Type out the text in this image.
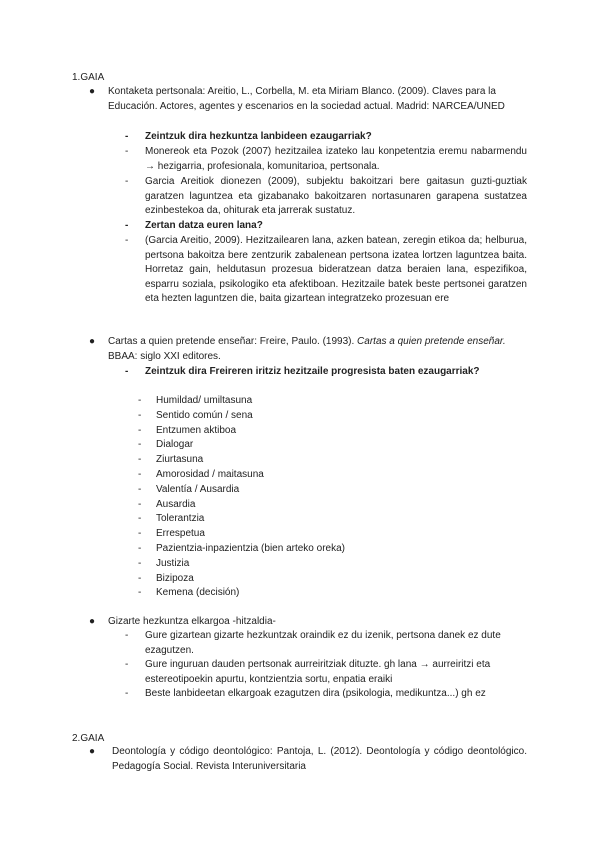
1.GAIA
● Kontaketa pertsonala: Areitio, L., Corbella, M. eta Miriam Blanco. (2009). Claves para la Educación. Actores, agentes y escenarios en la sociedad actual. Madrid: NARCEA/UNED
- Zeintzuk dira hezkuntza lanbideen ezaugarriak?
- Monereok eta Pozok (2007) hezitzailea izateko lau konpetentzia eremu nabarmendu → hezigarria, profesionala, komunitarioa, pertsonala.
- Garcia Areitiok dionezen (2009), subjektu bakoitzari bere gaitasun guzti-guztiak garatzen laguntzea eta gizabanako bakoitzaren nortasunaren garapena sustatzea ezinbestekoa da, ohiturak eta jarrerak sustatuz.
- Zertan datza euren lana?
- (Garcia Areitio, 2009). Hezitzailearen lana, azken batean, zeregin etikoa da; helburua, pertsona bakoitza bere zentzurik zabalenean pertsona izatea lortzen laguntzea baita. Horretaz gain, heldutasun prozesua bideratzean datza beraien lana, espezifikoa, esparru soziala, psikologiko eta afektiboan. Hezitzaile batek beste pertsonei garatzen eta hezten laguntzen die, baita gizartean integratzeko prozesuan ere
● Cartas a quien pretende enseñar: Freire, Paulo. (1993). Cartas a quien pretende enseñar. BBAA: siglo XXI editores.
- Zeintzuk dira Freireren iritziz hezitzaile progresista baten ezaugarriak?
- Humildad/ umiltasuna
- Sentido común / sena
- Entzumen aktiboa
- Dialogar
- Ziurtasuna
- Amorosidad / maitasuna
- Valentía / Ausardia
- Ausardia
- Tolerantzia
- Errespetua
- Pazientzia-inpazientzia (bien arteko oreka)
- Justizia
- Bizipoza
- Kemena (decisión)
● Gizarte hezkuntza elkargoa -hitzaldia-
- Gure gizartean gizarte hezkuntzak oraindik ez du izenik, pertsona danek ez dute ezagutzen.
- Gure inguruan dauden pertsonak aurreiritziak dituzte. gh lana → aurreiritzi eta estereotipoekin apurtu, kontzientzia sortu, enpatia eraiki
- Beste lanbideetan elkargoak ezagutzen dira (psikologia, medikuntza...) gh ez
2.GAIA
● Deontología y código deontológico: Pantoja, L. (2012). Deontología y código deontológico. Pedagogía Social. Revista Interuniversitaria
